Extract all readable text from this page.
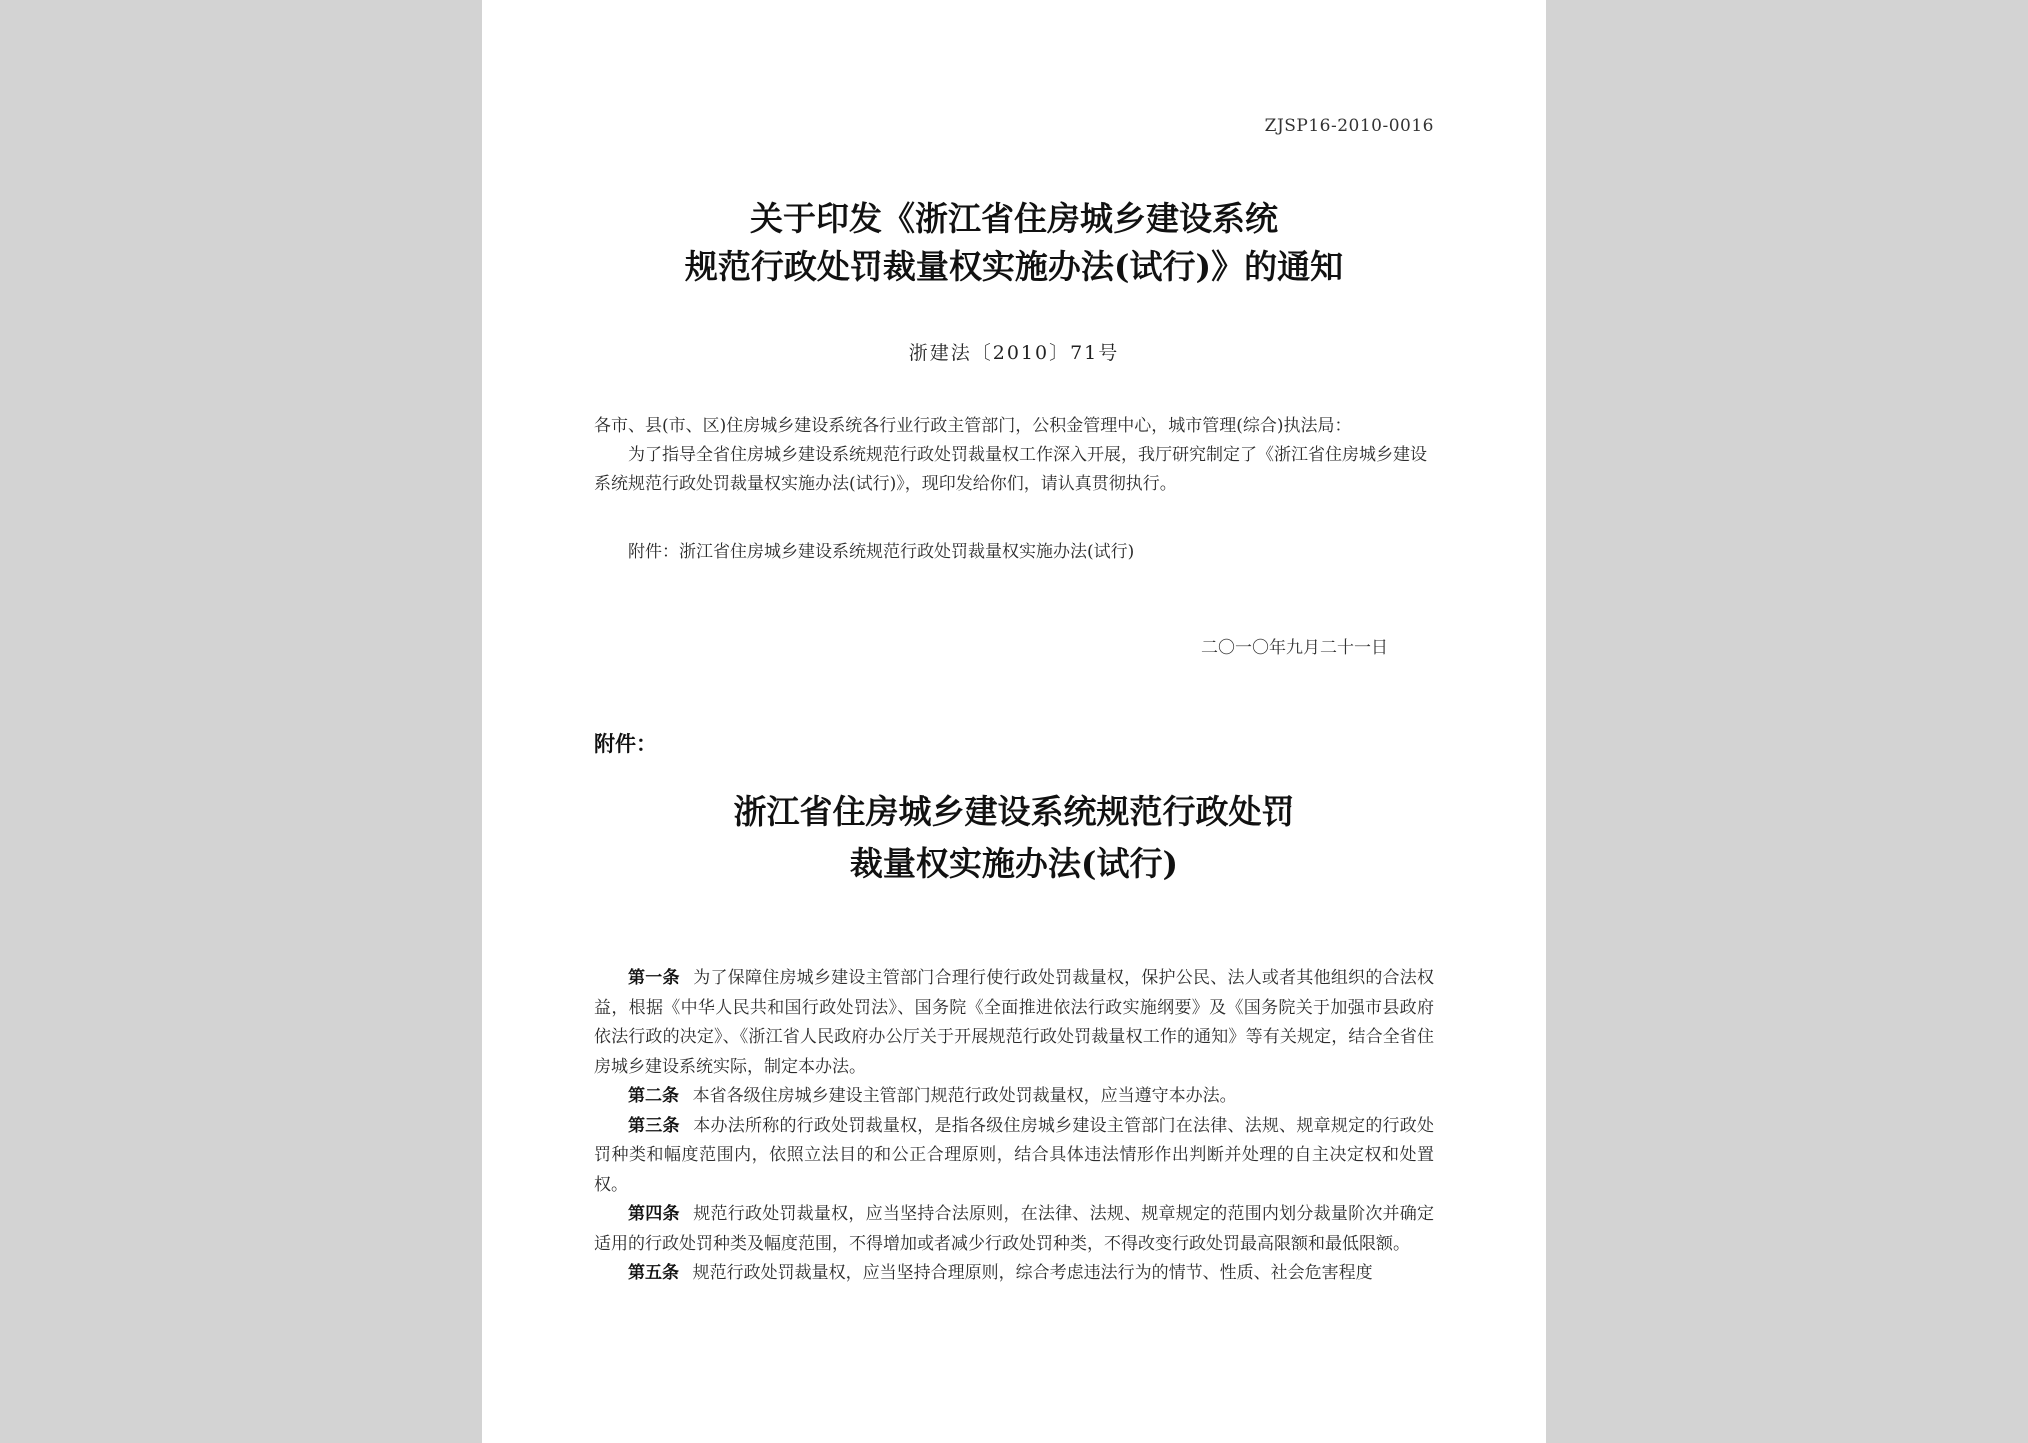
ZJSP16-2010-0016

关于印发《浙江省住房城乡建设系统

规范行政处罚裁量权实施办法(试行)》的通知

浙建法〔2010〕71号

各市、县(市、区)住房城乡建设系统各行业行政主管部门，公积金管理中心，城市管理(综合)执法局：

为了指导全省住房城乡建设系统规范行政处罚裁量权工作深入开展，我厅研究制定了《浙江省住房城乡建设系统规范行政处罚裁量权实施办法(试行)》，现印发给你们，请认真贯彻执行。

附件：浙江省住房城乡建设系统规范行政处罚裁量权实施办法(试行)
二〇一〇年九月二十一日
附件：

浙江省住房城乡建设系统规范行政处罚

裁量权实施办法(试行)

第一条 为了保障住房城乡建设主管部门合理行使行政处罚裁量权，保护公民、法人或者其他组织的合法权益，根据《中华人民共和国行政处罚法》、国务院《全面推进依法行政实施纲要》及《国务院关于加强市县政府依法行政的决定》、《浙江省人民政府办公厅关于开展规范行政处罚裁量权工作的通知》等有关规定，结合全省住房城乡建设系统实际，制定本办法。

第二条 本省各级住房城乡建设主管部门规范行政处罚裁量权，应当遵守本办法。

第三条 本办法所称的行政处罚裁量权，是指各级住房城乡建设主管部门在法律、法规、规章规定的行政处罚种类和幅度范围内，依照立法目的和公正合理原则，结合具体违法情形作出判断并处理的自主决定权和处置权。

第四条 规范行政处罚裁量权，应当坚持合法原则，在法律、法规、规章规定的范围内划分裁量阶次并确定适用的行政处罚种类及幅度范围，不得增加或者减少行政处罚种类，不得改变行政处罚最高限额和最低限额。

第五条 规范行政处罚裁量权，应当坚持合理原则，综合考虑违法行为的情节、性质、社会危害程度
